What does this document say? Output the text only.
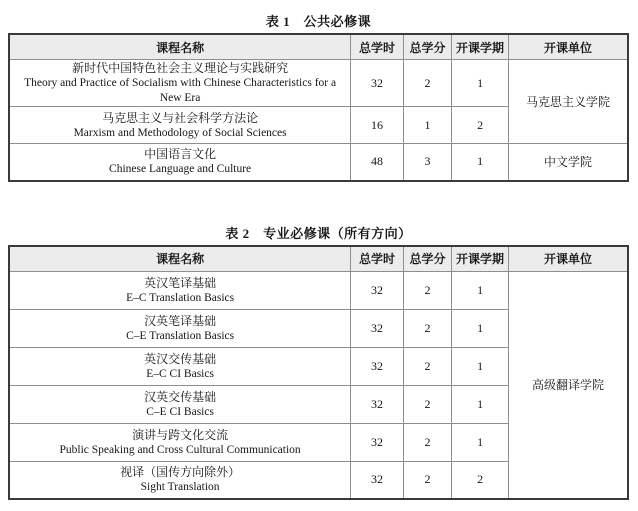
表 1　公共必修课
课程名称	总学时	总学分	开课学期	开课单位

新时代中国特色社会主义理论与实践研究
Theory and Practice of Socialism with Chinese Characteristics for a New Era	32	2	1	马克思主义学院

马克思主义与社会科学方法论
Marxism and Methodology of Social Sciences	16	1	2	

中国语言文化
Chinese Language and Culture	48	3	1	中文学院
表 2　专业必修课（所有方向）
课程名称	总学时	总学分	开课学期	开课单位

英汉笔译基础
E–C Translation Basics	32	2	1	高级翻译学院

汉英笔译基础
C–E Translation Basics	32	2	1	

英汉交传基础
E–C CI Basics	32	2	1	

汉英交传基础
C–E CI Basics	32	2	1	

演讲与跨文化交流
Public Speaking and Cross Cultural Communication	32	2	1	

视译（国传方向除外）
Sight Translation	32	2	2	
